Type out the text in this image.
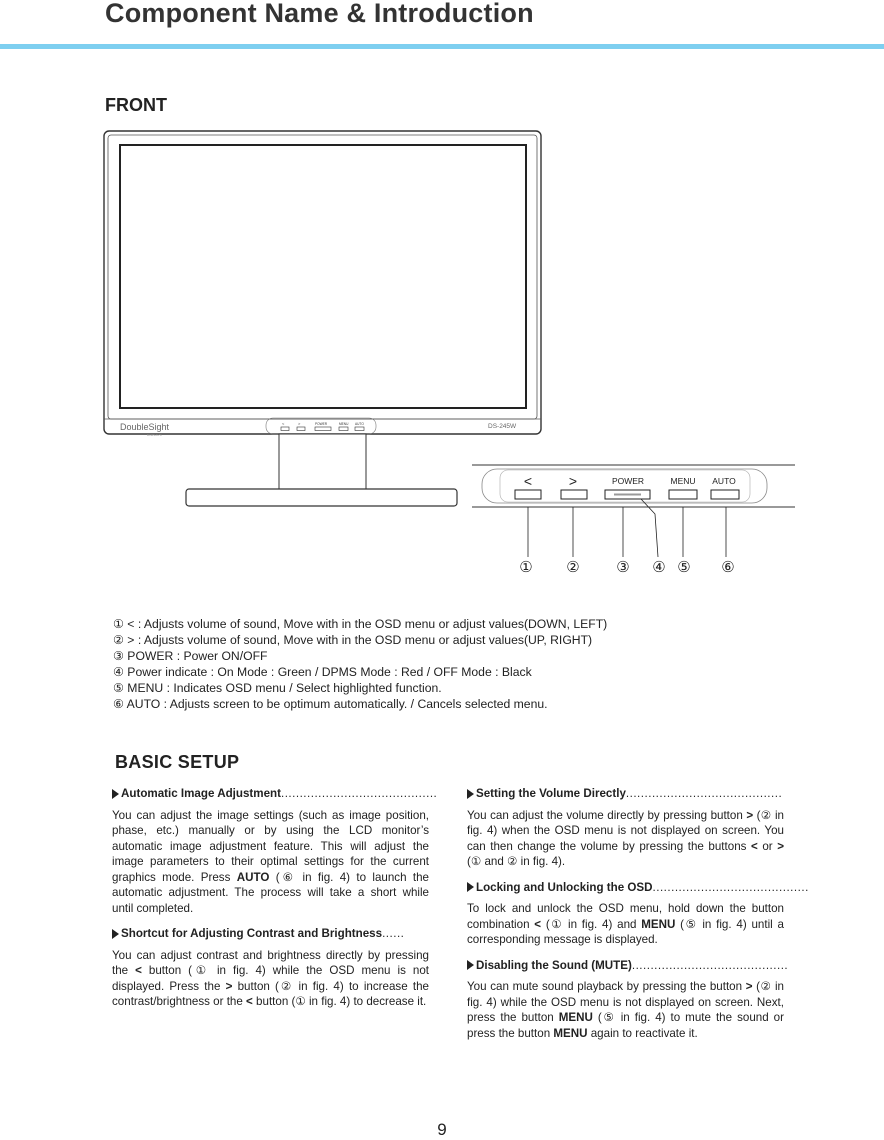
Component Name & Introduction
FRONT
DoubleSight
DISPLAYS
DS-245W
<	>	POWER	MENU AUTO
<	>	POWER	MENU AUTO
① ② ③ ④ ⑤ ⑥
① < : Adjusts volume of sound, Move with in the OSD menu or adjust values(DOWN, LEFT)
② > : Adjusts volume of sound, Move with in the OSD menu or adjust values(UP, RIGHT)
③ POWER : Power ON/OFF
④ Power indicate : On Mode : Green / DPMS Mode : Red / OFF Mode : Black
⑤ MENU : Indicates OSD menu / Select highlighted function.
⑥ AUTO : Adjusts screen to be optimum automatically. / Cancels selected menu.
BASIC SETUP
Automatic Image Adjustment ..........................................
You can adjust the image settings (such as image position, phase, etc.) manually or by using the LCD monitor’s automatic image adjustment feature. This will adjust the image parameters to their optimal settings for the current graphics mode. Press AUTO (⑥ in fig. 4) to launch the automatic adjustment. The process will take a short while until completed.
Shortcut for Adjusting Contrast and Brightness ......
You can adjust contrast and brightness directly by pressing the < button (① in fig. 4) while the OSD menu is not displayed. Press the > button (② in fig. 4) to increase the contrast/brightness or the < button (① in fig. 4) to decrease it.
Setting the Volume Directly ..........................................
You can adjust the volume directly by pressing button > (② in fig. 4) when the OSD menu is not displayed on screen. You can then change the volume by pressing the buttons < or > (① and ② in fig. 4).
Locking and Unlocking the OSD ..........................................
To lock and unlock the OSD menu, hold down the button combination < (① in fig. 4) and MENU (⑤ in fig. 4) until a corresponding message is displayed.
Disabling the Sound (MUTE) ..........................................
You can mute sound playback by pressing the button > (② in fig. 4) while the OSD menu is not displayed on screen. Next, press the button MENU (⑤ in fig. 4) to mute the sound or press the button MENU again to reactivate it.
9
